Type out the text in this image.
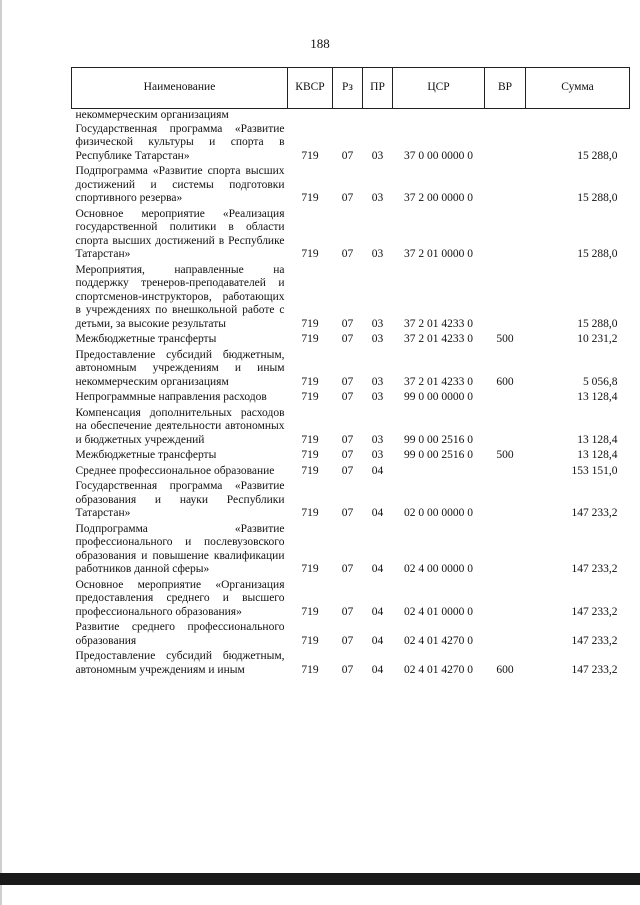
188
Наименование	КВСР	Рз	ПР	ЦСР	ВР	Сумма
некоммерческим организациям						
Государственная программа «Развитие физической культуры и спорта в Республике Татарстан»	719	07	03	37 0 00 0000 0		15 288,0
Подпрограмма «Развитие спорта высших достижений и системы подготовки спортивного резерва»	719	07	03	37 2 00 0000 0		15 288,0
Основное мероприятие «Реализация государственной политики в области спорта высших достижений в Республике Татарстан»	719	07	03	37 2 01 0000 0		15 288,0
Мероприятия, направленные на поддержку тренеров-преподавателей и спортсменов-инструкторов, работающих в учреждениях по внешкольной работе с детьми, за высокие результаты	719	07	03	37 2 01 4233 0		15 288,0
Межбюджетные трансферты	719	07	03	37 2 01 4233 0	500	10 231,2
Предоставление субсидий бюджетным, автономным учреждениям и иным некоммерческим организациям	719	07	03	37 2 01 4233 0	600	5 056,8
Непрограммные направления расходов	719	07	03	99 0 00 0000 0		13 128,4
Компенсация дополнительных расходов на обеспечение деятельности автономных и бюджетных учреждений	719	07	03	99 0 00 2516 0		13 128,4
Межбюджетные трансферты	719	07	03	99 0 00 2516 0	500	13 128,4
Среднее профессиональное образование	719	07	04			153 151,0
Государственная программа «Развитие образования и науки Республики Татарстан»	719	07	04	02 0 00 0000 0		147 233,2
Подпрограмма «Развитие профессионального и послевузовского образования и повышение квалификации работников данной сферы»	719	07	04	02 4 00 0000 0		147 233,2
Основное мероприятие «Организация предоставления среднего и высшего профессионального образования»	719	07	04	02 4 01 0000 0		147 233,2
Развитие среднего профессионального образования	719	07	04	02 4 01 4270 0		147 233,2
Предоставление субсидий бюджетным, автономным учреждениям и иным	719	07	04	02 4 01 4270 0	600	147 233,2
